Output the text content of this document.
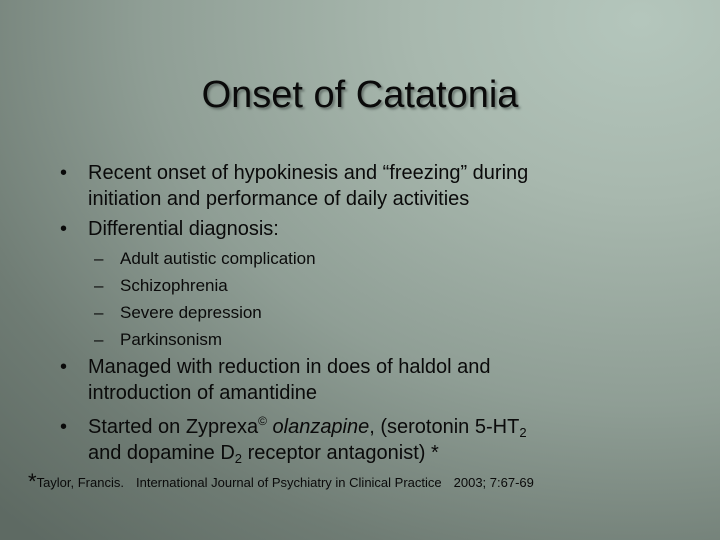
Onset of Catatonia
• Recent onset of hypokinesis and “freezing” during
initiation and performance of daily activities
• Differential diagnosis:
– Adult autistic complication
– Schizophrenia
– Severe depression
– Parkinsonism
• Managed with reduction in does of haldol and
introduction of amantidine
• Started on Zyprexa© olanzapine, (serotonin $5-HT_2$
and dopamine $D_2$ receptor antagonist) *
*Taylor, Francis. International Journal of Psychiatry in Clinical Practice 2003; 7:67-69
